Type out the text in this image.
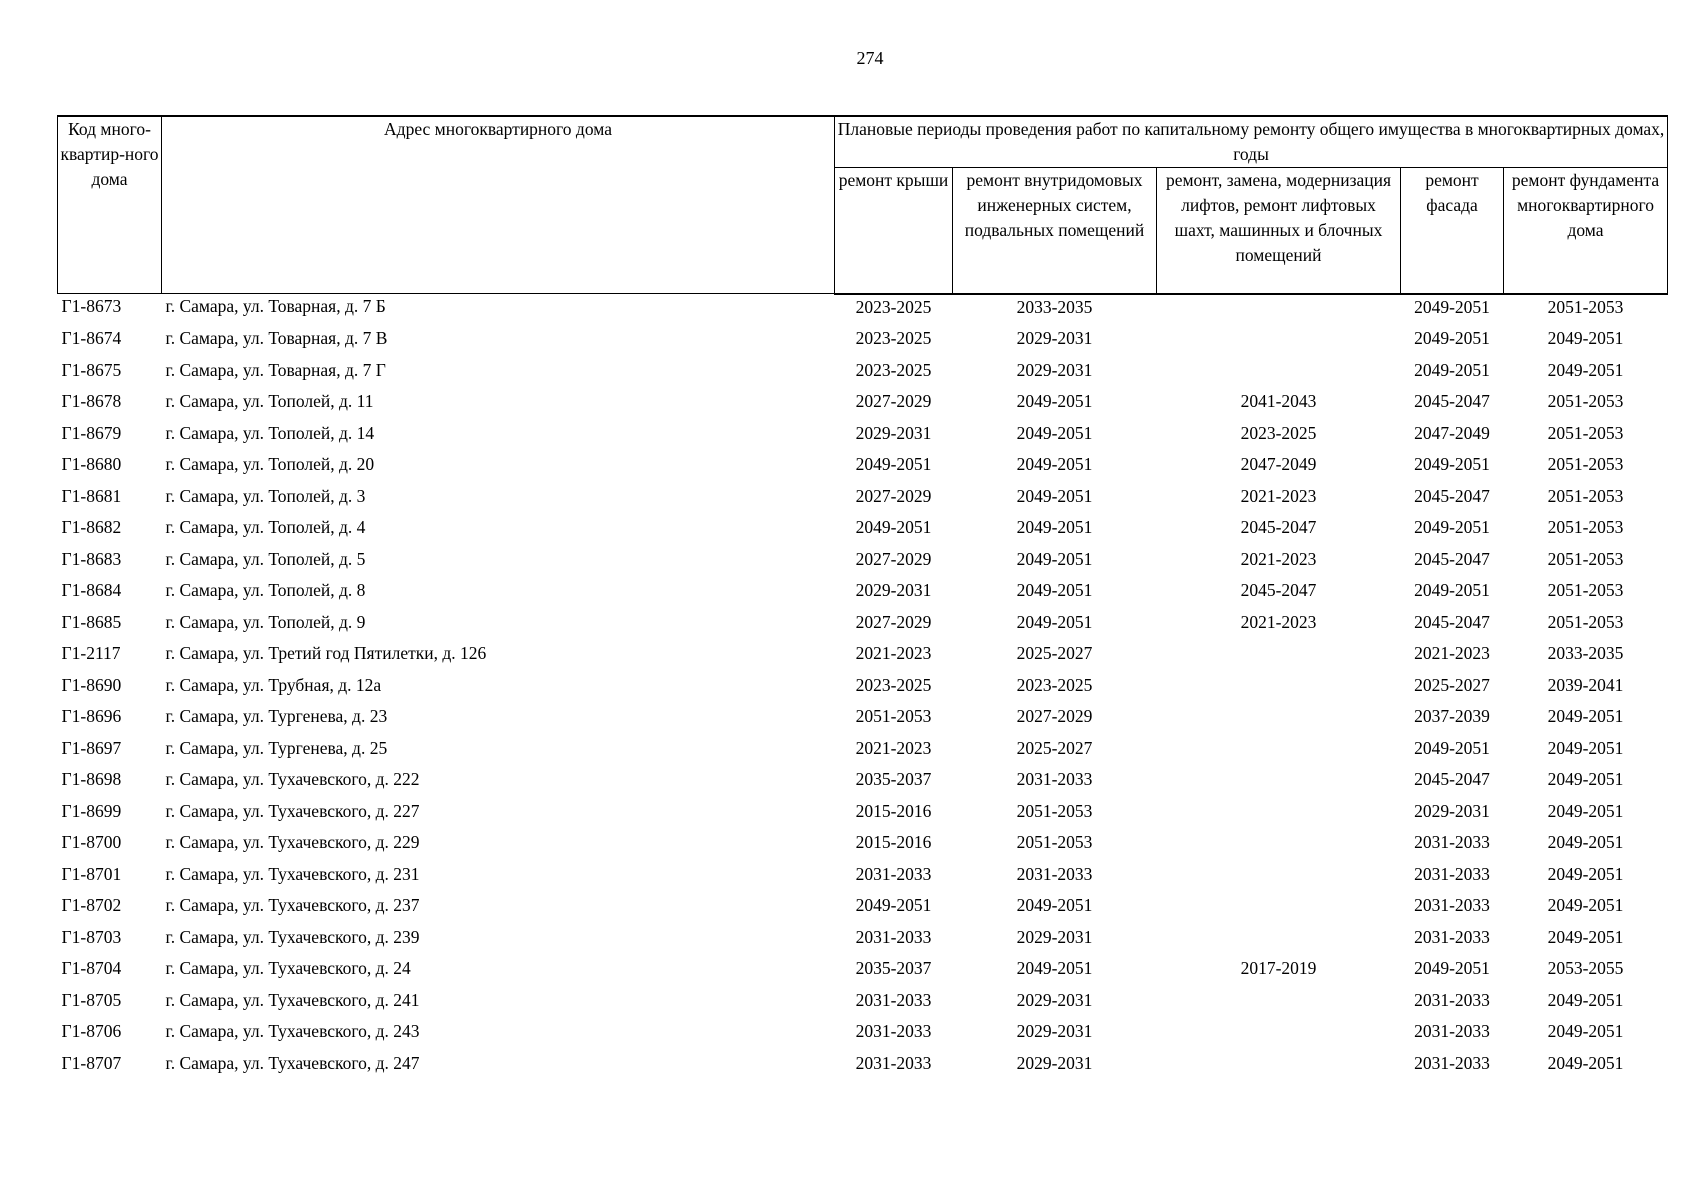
274
Код много-квартир-ного дома	Адрес многоквартирного дома	Плановые периоды проведения работ по капитальному ремонту общего имущества в многоквартирных домах, годы				
		ремонт крыши	ремонт внутридомовых инженерных систем, подвальных помещений	ремонт, замена, модернизация лифтов, ремонт лифтовых шахт, машинных и блочных помещений	ремонт фасада	ремонт фундамента многоквартирного дома
Г1-8673	г. Самара, ул. Товарная, д. 7 Б	2023-2025	2033-2035		2049-2051	2051-2053
Г1-8674	г. Самара, ул. Товарная, д. 7 В	2023-2025	2029-2031		2049-2051	2049-2051
Г1-8675	г. Самара, ул. Товарная, д. 7 Г	2023-2025	2029-2031		2049-2051	2049-2051
Г1-8678	г. Самара, ул. Тополей, д. 11	2027-2029	2049-2051	2041-2043	2045-2047	2051-2053
Г1-8679	г. Самара, ул. Тополей, д. 14	2029-2031	2049-2051	2023-2025	2047-2049	2051-2053
Г1-8680	г. Самара, ул. Тополей, д. 20	2049-2051	2049-2051	2047-2049	2049-2051	2051-2053
Г1-8681	г. Самара, ул. Тополей, д. 3	2027-2029	2049-2051	2021-2023	2045-2047	2051-2053
Г1-8682	г. Самара, ул. Тополей, д. 4	2049-2051	2049-2051	2045-2047	2049-2051	2051-2053
Г1-8683	г. Самара, ул. Тополей, д. 5	2027-2029	2049-2051	2021-2023	2045-2047	2051-2053
Г1-8684	г. Самара, ул. Тополей, д. 8	2029-2031	2049-2051	2045-2047	2049-2051	2051-2053
Г1-8685	г. Самара, ул. Тополей, д. 9	2027-2029	2049-2051	2021-2023	2045-2047	2051-2053
Г1-2117	г. Самара, ул. Третий год Пятилетки, д. 126	2021-2023	2025-2027		2021-2023	2033-2035
Г1-8690	г. Самара, ул. Трубная, д. 12а	2023-2025	2023-2025		2025-2027	2039-2041
Г1-8696	г. Самара, ул. Тургенева, д. 23	2051-2053	2027-2029		2037-2039	2049-2051
Г1-8697	г. Самара, ул. Тургенева, д. 25	2021-2023	2025-2027		2049-2051	2049-2051
Г1-8698	г. Самара, ул. Тухачевского, д. 222	2035-2037	2031-2033		2045-2047	2049-2051
Г1-8699	г. Самара, ул. Тухачевского, д. 227	2015-2016	2051-2053		2029-2031	2049-2051
Г1-8700	г. Самара, ул. Тухачевского, д. 229	2015-2016	2051-2053		2031-2033	2049-2051
Г1-8701	г. Самара, ул. Тухачевского, д. 231	2031-2033	2031-2033		2031-2033	2049-2051
Г1-8702	г. Самара, ул. Тухачевского, д. 237	2049-2051	2049-2051		2031-2033	2049-2051
Г1-8703	г. Самара, ул. Тухачевского, д. 239	2031-2033	2029-2031		2031-2033	2049-2051
Г1-8704	г. Самара, ул. Тухачевского, д. 24	2035-2037	2049-2051	2017-2019	2049-2051	2053-2055
Г1-8705	г. Самара, ул. Тухачевского, д. 241	2031-2033	2029-2031		2031-2033	2049-2051
Г1-8706	г. Самара, ул. Тухачевского, д. 243	2031-2033	2029-2031		2031-2033	2049-2051
Г1-8707	г. Самара, ул. Тухачевского, д. 247	2031-2033	2029-2031		2031-2033	2049-2051
